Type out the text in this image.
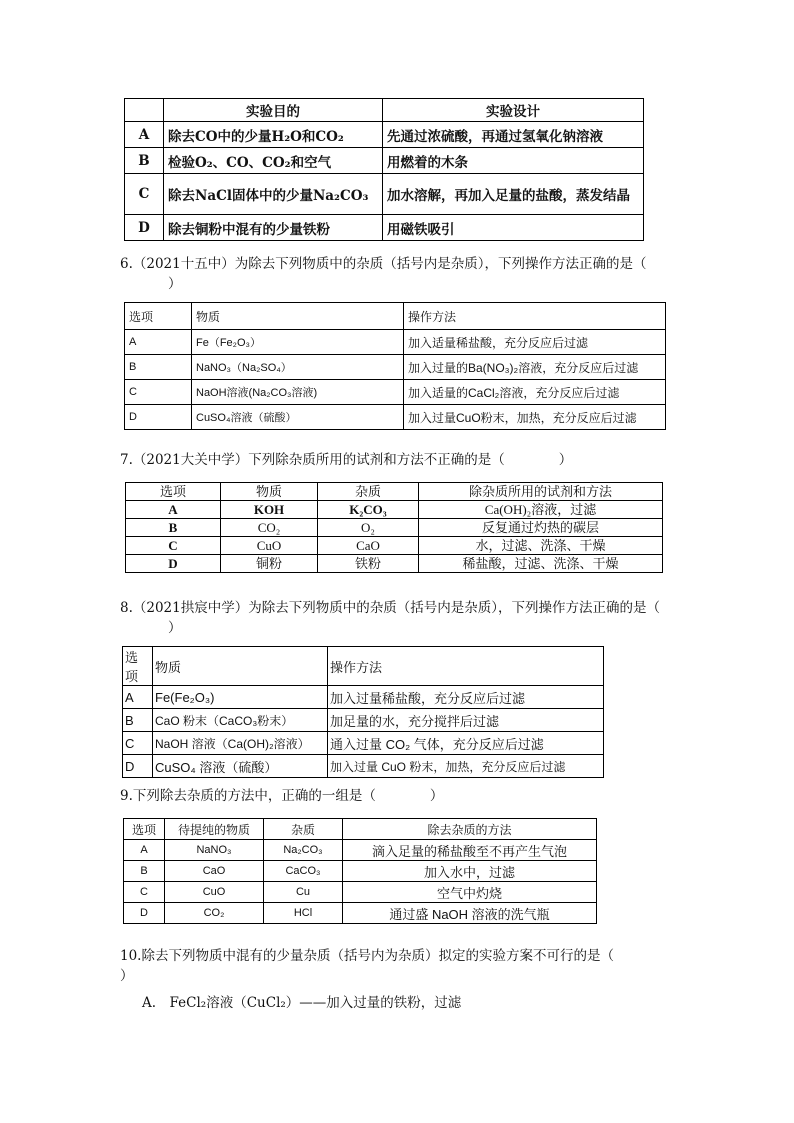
	实验目的	实验设计
A	除去CO中的少量H₂O和CO₂	先通过浓硫酸，再通过氢氧化钠溶液
B	检验O₂、CO、CO₂和空气	用燃着的木条
C	除去NaCl固体中的少量Na₂CO₃	加水溶解，再加入足量的盐酸，蒸发结晶
D	除去铜粉中混有的少量铁粉	用磁铁吸引
6.（2021十五中）为除去下列物质中的杂质（括号内是杂质），下列操作方法正确的是（
）
选项	物质	操作方法
A	Fe（Fe₂O₃）	加入适量稀盐酸，充分反应后过滤
B	NaNO₃（Na₂SO₄）	加入过量的Ba(NO₃)₂溶液，充分反应后过滤
C	NaOH溶液(Na₂CO₃溶液)	加入适量的CaCl₂溶液，充分反应后过滤
D	CuSO₄溶液（硫酸）	加入过量CuO粉末，加热，充分反应后过滤
7.（2021大关中学）下列除杂质所用的试剂和方法不正确的是（　　　　）
选项	物质	杂质	除杂质所用的试剂和方法
A	KOH	K₂CO₃	Ca(OH)₂溶液，过滤
B	CO₂	O₂	反复通过灼热的碳层
C	CuO	CaO	水，过滤、洗涤、干燥
D	铜粉	铁粉	稀盐酸，过滤、洗涤、干燥
8.（2021拱宸中学）为除去下列物质中的杂质（括号内是杂质），下列操作方法正确的是（
）
选项	物质	操作方法
A	Fe(Fe₂O₃)	加入过量稀盐酸，充分反应后过滤
B	CaO 粉末（CaCO₃粉末）	加足量的水，充分搅拌后过滤
C	NaOH 溶液（Ca(OH)₂溶液）	通入过量 CO₂ 气体，充分反应后过滤
D	CuSO₄ 溶液（硫酸）	加入过量 CuO 粉末，加热，充分反应后过滤
9.下列除去杂质的方法中，正确的一组是（　　　　）
选项	待提纯的物质	杂质	除去杂质的方法
A	NaNO₃	Na₂CO₃	滴入足量的稀盐酸至不再产生气泡
B	CaO	CaCO₃	加入水中，过滤
C	CuO	Cu	空气中灼烧
D	CO₂	HCl	通过盛 NaOH 溶液的洗气瓶
10.除去下列物质中混有的少量杂质（括号内为杂质）拟定的实验方案不可行的是（
）
A.　FeCl₂溶液（CuCl₂）——加入过量的铁粉，过滤
